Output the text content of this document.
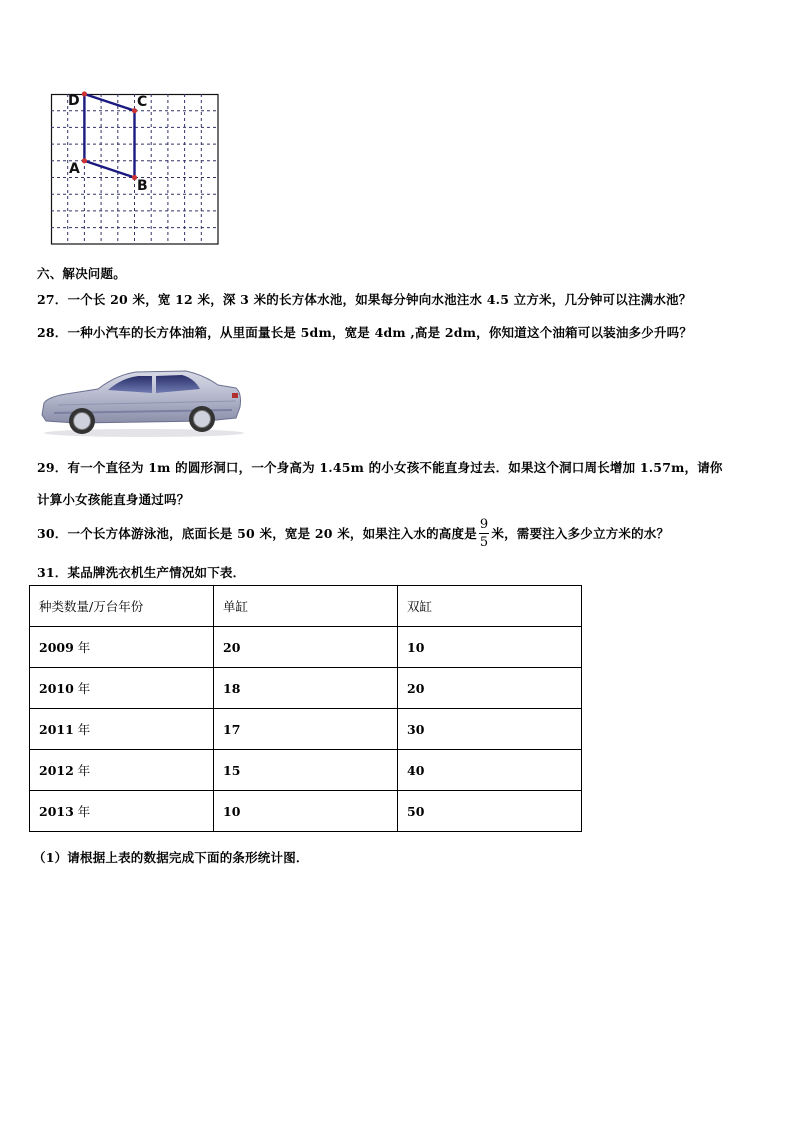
D	C
A
B
六、解决问题。
27．一个长 20 米，宽 12 米，深 3 米的长方体水池，如果每分钟向水池注水 4.5 立方米，几分钟可以注满水池？
28．一种小汽车的长方体油箱，从里面量长是 5dm，宽是 4dm ,高是 2dm，你知道这个油箱可以装油多少升吗？
29．有一个直径为 1m 的圆形洞口，一个身高为 1.45m 的小女孩不能直身过去．如果这个洞口周长增加 1.57m，请你
计算小女孩能直身通过吗？
30．一个长方体游泳池，底面长是 50 米，宽是 20 米，如果注入水的高度是 $\frac{9}{5}$ 米，需要注入多少立方米的水？
31．某品牌洗衣机生产情况如下表．
种类数量/万台年份	单缸	双缸
2009 年	20	10
2010 年	18	20
2011 年	17	30
2012 年	15	40
2013 年	10	50
（1）请根据上表的数据完成下面的条形统计图．
